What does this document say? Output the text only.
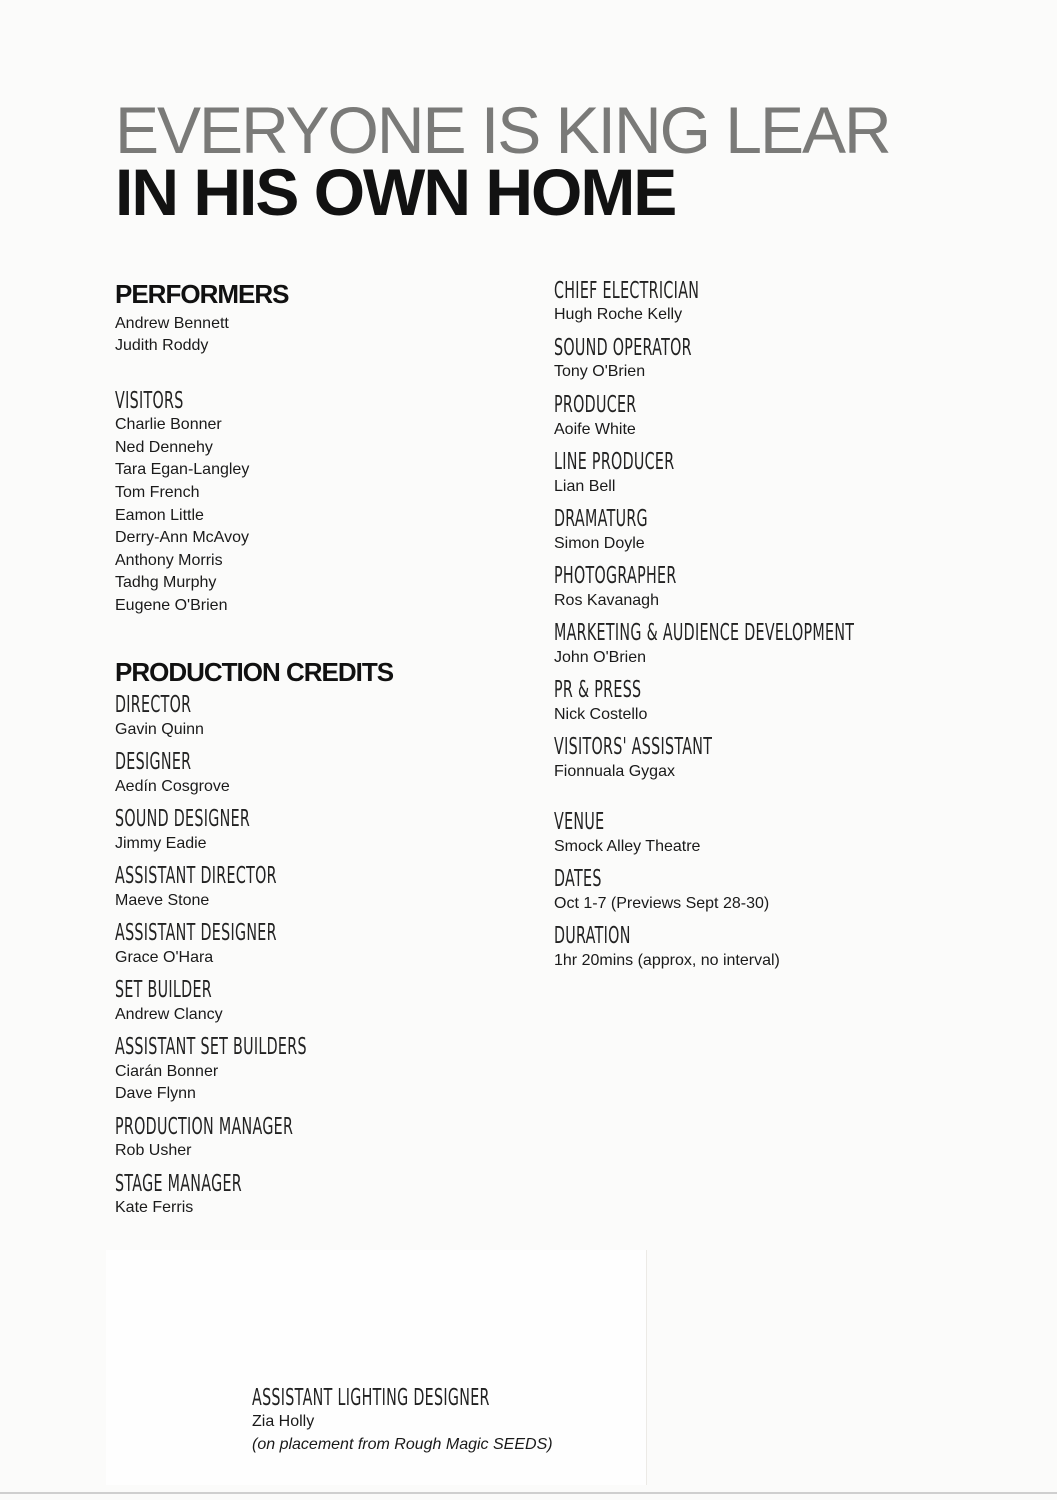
EVERYONE IS KING LEAR
IN HIS OWN HOME
PERFORMERS
Andrew Bennett
Judith Roddy
VISITORS
Charlie Bonner
Ned Dennehy
Tara Egan-Langley
Tom French
Eamon Little
Derry-Ann McAvoy
Anthony Morris
Tadhg Murphy
Eugene O'Brien
PRODUCTION CREDITS
DIRECTOR
Gavin Quinn
DESIGNER
Aedín Cosgrove
SOUND DESIGNER
Jimmy Eadie
ASSISTANT DIRECTOR
Maeve Stone
ASSISTANT DESIGNER
Grace O'Hara
SET BUILDER
Andrew Clancy
ASSISTANT SET BUILDERS
Ciarán Bonner
Dave Flynn
PRODUCTION MANAGER
Rob Usher
STAGE MANAGER
Kate Ferris
CHIEF ELECTRICIAN
Hugh Roche Kelly
SOUND OPERATOR
Tony O'Brien
PRODUCER
Aoife White
LINE PRODUCER
Lian Bell
DRAMATURG
Simon Doyle
PHOTOGRAPHER
Ros Kavanagh
MARKETING & AUDIENCE DEVELOPMENT
John O'Brien
PR & PRESS
Nick Costello
VISITORS' ASSISTANT
Fionnuala Gygax
VENUE
Smock Alley Theatre
DATES
Oct 1-7 (Previews Sept 28-30)
DURATION
1hr 20mins (approx, no interval)
ASSISTANT LIGHTING DESIGNER
Zia Holly
(on placement from Rough Magic SEEDS)
